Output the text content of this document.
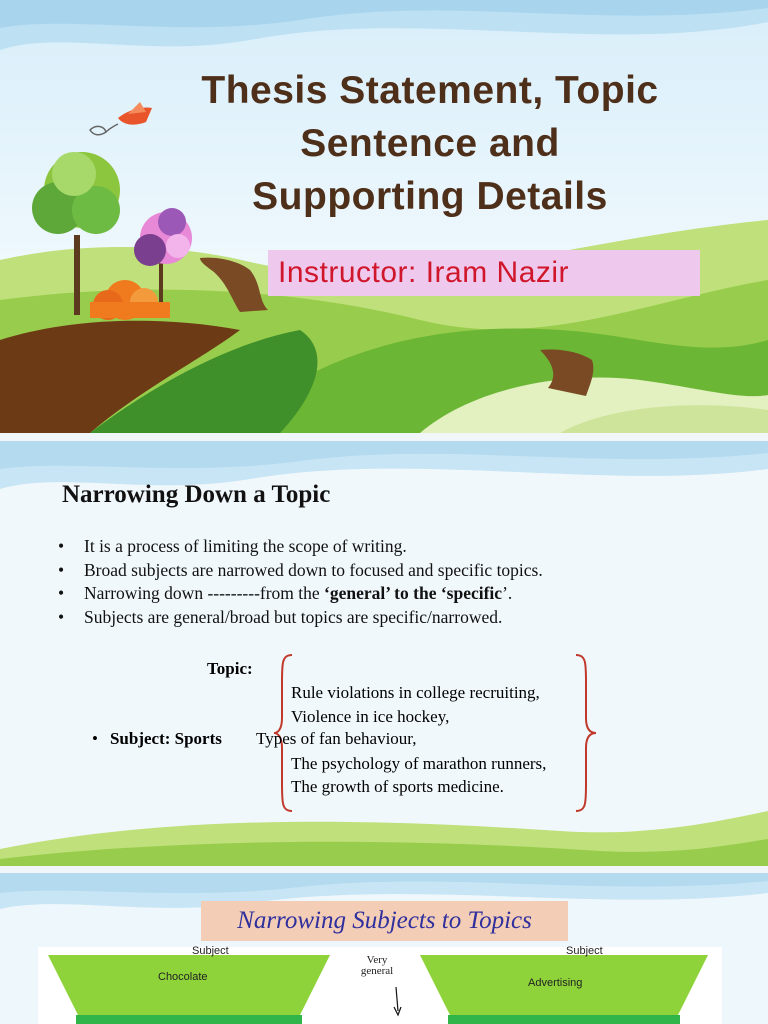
Thesis Statement, Topic
Sentence and
Supporting Details
Instructor: Iram Nazir
Narrowing Down a Topic
• It is a process of limiting the scope of writing.
• Broad subjects are narrowed down to focused and specific topics.
• Narrowing down ---------from the ‘general’ to the ‘specific’.
• Subjects are general/broad but topics are specific/narrowed.
Topic:
• Subject: Sports
Rule violations in college recruiting,
Violence in ice hockey,
The psychology of marathon runners,
The growth of sports medicine.
Types of fan behaviour,
Narrowing Subjects to Topics
Subject	Subject
Chocolate	Advertising
Very
general
